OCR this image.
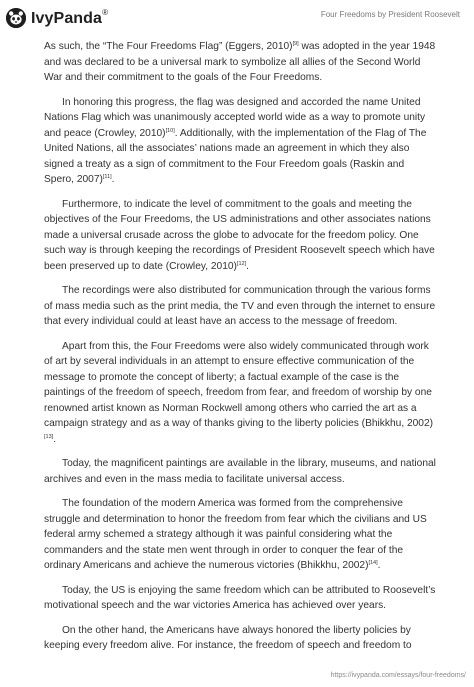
IvyPanda®	Four Freedoms by President Roosevelt

As such, the “The Four Freedoms Flag” (Eggers, 2010)[9] was adopted in the year 1948 and was declared to be a universal mark to symbolize all allies of the Second World War and their commitment to the goals of the Four Freedoms.

In honoring this progress, the flag was designed and accorded the name United Nations Flag which was unanimously accepted world wide as a way to promote unity and peace (Crowley, 2010)[10]. Additionally, with the implementation of the Flag of The United Nations, all the associates’ nations made an agreement in which they also signed a treaty as a sign of commitment to the Four Freedom goals (Raskin and Spero, 2007)[11].

Furthermore, to indicate the level of commitment to the goals and meeting the objectives of the Four Freedoms, the US administrations and other associates nations made a universal crusade across the globe to advocate for the freedom policy. One such way is through keeping the recordings of President Roosevelt speech which have been preserved up to date (Crowley, 2010)[12].

The recordings were also distributed for communication through the various forms of mass media such as the print media, the TV and even through the internet to ensure that every individual could at least have an access to the message of freedom.

Apart from this, the Four Freedoms were also widely communicated through work of art by several individuals in an attempt to ensure effective communication of the message to promote the concept of liberty; a factual example of the case is the paintings of the freedom of speech, freedom from fear, and freedom of worship by one renowned artist known as Norman Rockwell among others who carried the art as a campaign strategy and as a way of thanks giving to the liberty policies (Bhikkhu, 2002)[13].

Today, the magnificent paintings are available in the library, museums, and national archives and even in the mass media to facilitate universal access.

The foundation of the modern America was formed from the comprehensive struggle and determination to honor the freedom from fear which the civilians and US federal army schemed a strategy although it was painful considering what the commanders and the state men went through in order to conquer the fear of the ordinary Americans and achieve the numerous victories (Bhikkhu, 2002)[14].

Today, the US is enjoying the same freedom which can be attributed to Roosevelt’s motivational speech and the war victories America has achieved over years.

On the other hand, the Americans have always honored the liberty policies by keeping every freedom alive. For instance, the freedom of speech and freedom to

https://ivypanda.com/essays/four-freedoms/
